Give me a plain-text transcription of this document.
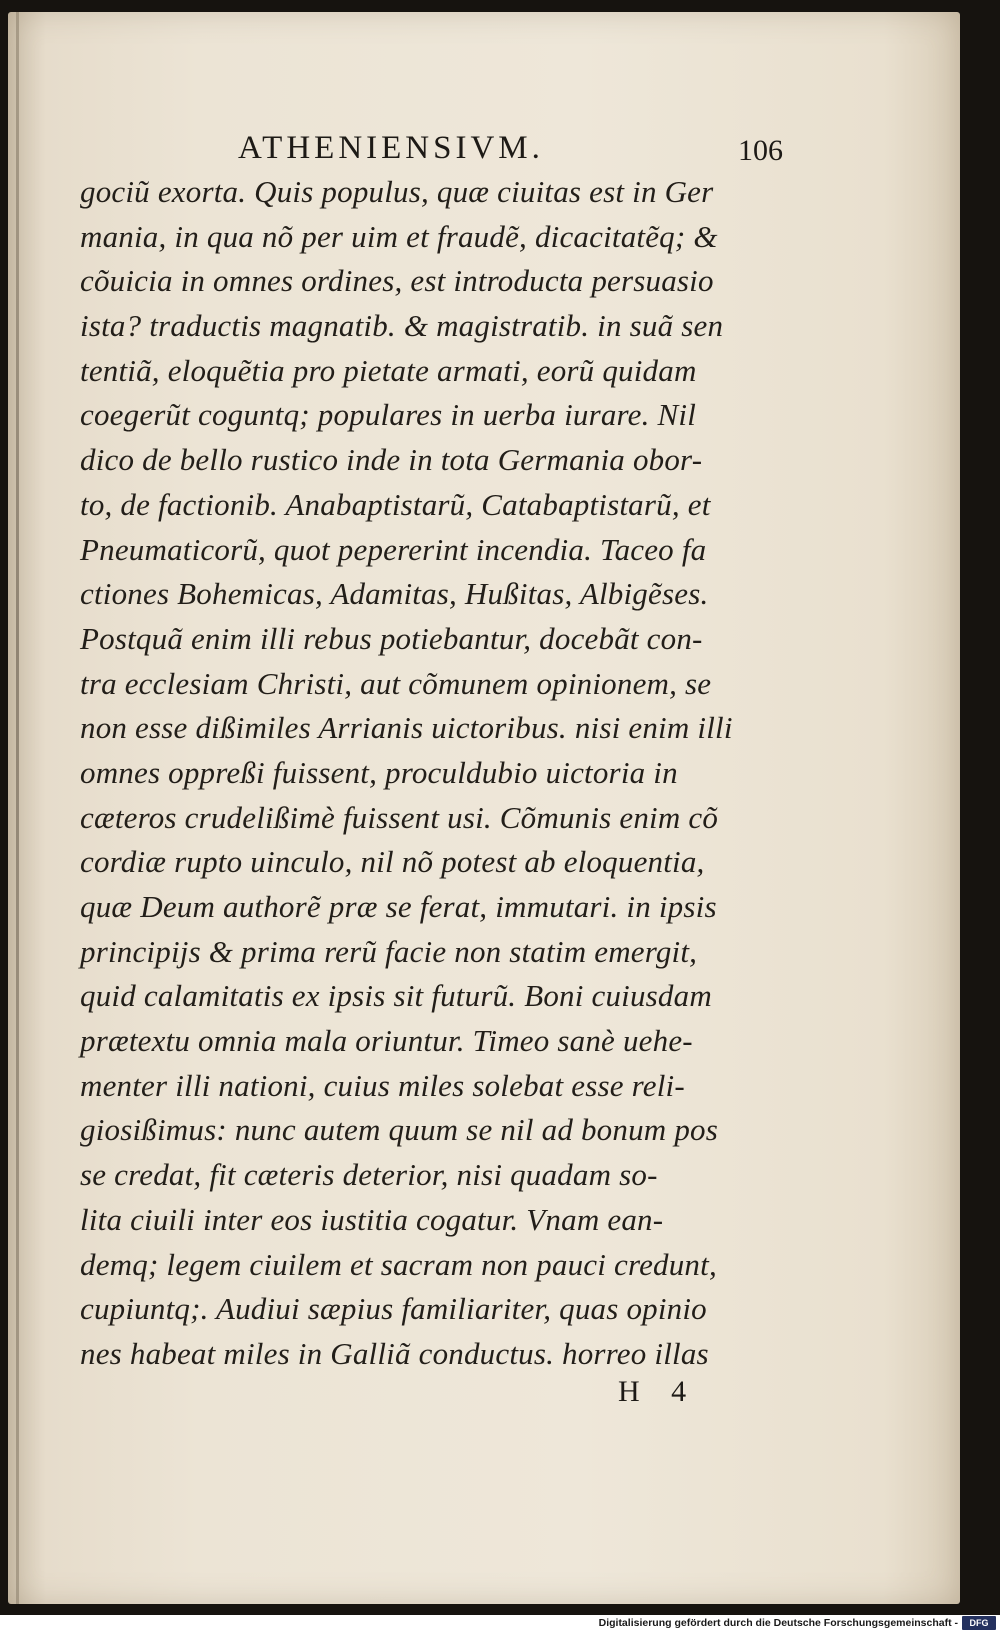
ATHENIENSIVM.	106
gociũ exorta. Quis populus, quæ ciuitas est in Ger
mania, in qua nõ per uim et fraudẽ, dicacitatẽq; &
cõuicia in omnes ordines, est introducta persuasio
ista? traductis magnatib. & magistratib. in suã sen
tentiã, eloquẽtia pro pietate armati, eorũ quidam
coegerũt coguntq; populares in uerba iurare. Nil
dico de bello rustico inde in tota Germania obor-
to, de factionib. Anabaptistarũ, Catabaptistarũ, et
Pneumaticorũ, quot pepererint incendia. Taceo fa
ctiones Bohemicas, Adamitas, Hußitas, Albigẽses.
Postquã enim illi rebus potiebantur, docebãt con-
tra ecclesiam Christi, aut cõmunem opinionem, se
non esse dißimiles Arrianis uictoribus. nisi enim illi
omnes oppreßi fuissent, proculdubio uictoria in
cæteros crudelißimè fuissent usi. Cõmunis enim cõ
cordiæ rupto uinculo, nil nõ potest ab eloquentia,
quæ Deum authorẽ præ se ferat, immutari. in ipsis
principijs & prima rerũ facie non statim emergit,
quid calamitatis ex ipsis sit futurũ. Boni cuiusdam
prætextu omnia mala oriuntur. Timeo sanè uehe-
menter illi nationi, cuius miles solebat esse reli-
giosißimus: nunc autem quum se nil ad bonum pos
se credat, fit cæteris deterior, nisi quadam so-
lita ciuili inter eos iustitia cogatur. Vnam ean-
demq; legem ciuilem et sacram non pauci credunt,
cupiuntq;. Audiui sæpius familiariter, quas opinio
nes habeat miles in Galliã conductus. horreo illas
H 4
Digitalisierung gefördert durch die Deutsche Forschungsgemeinschaft -	DFG
